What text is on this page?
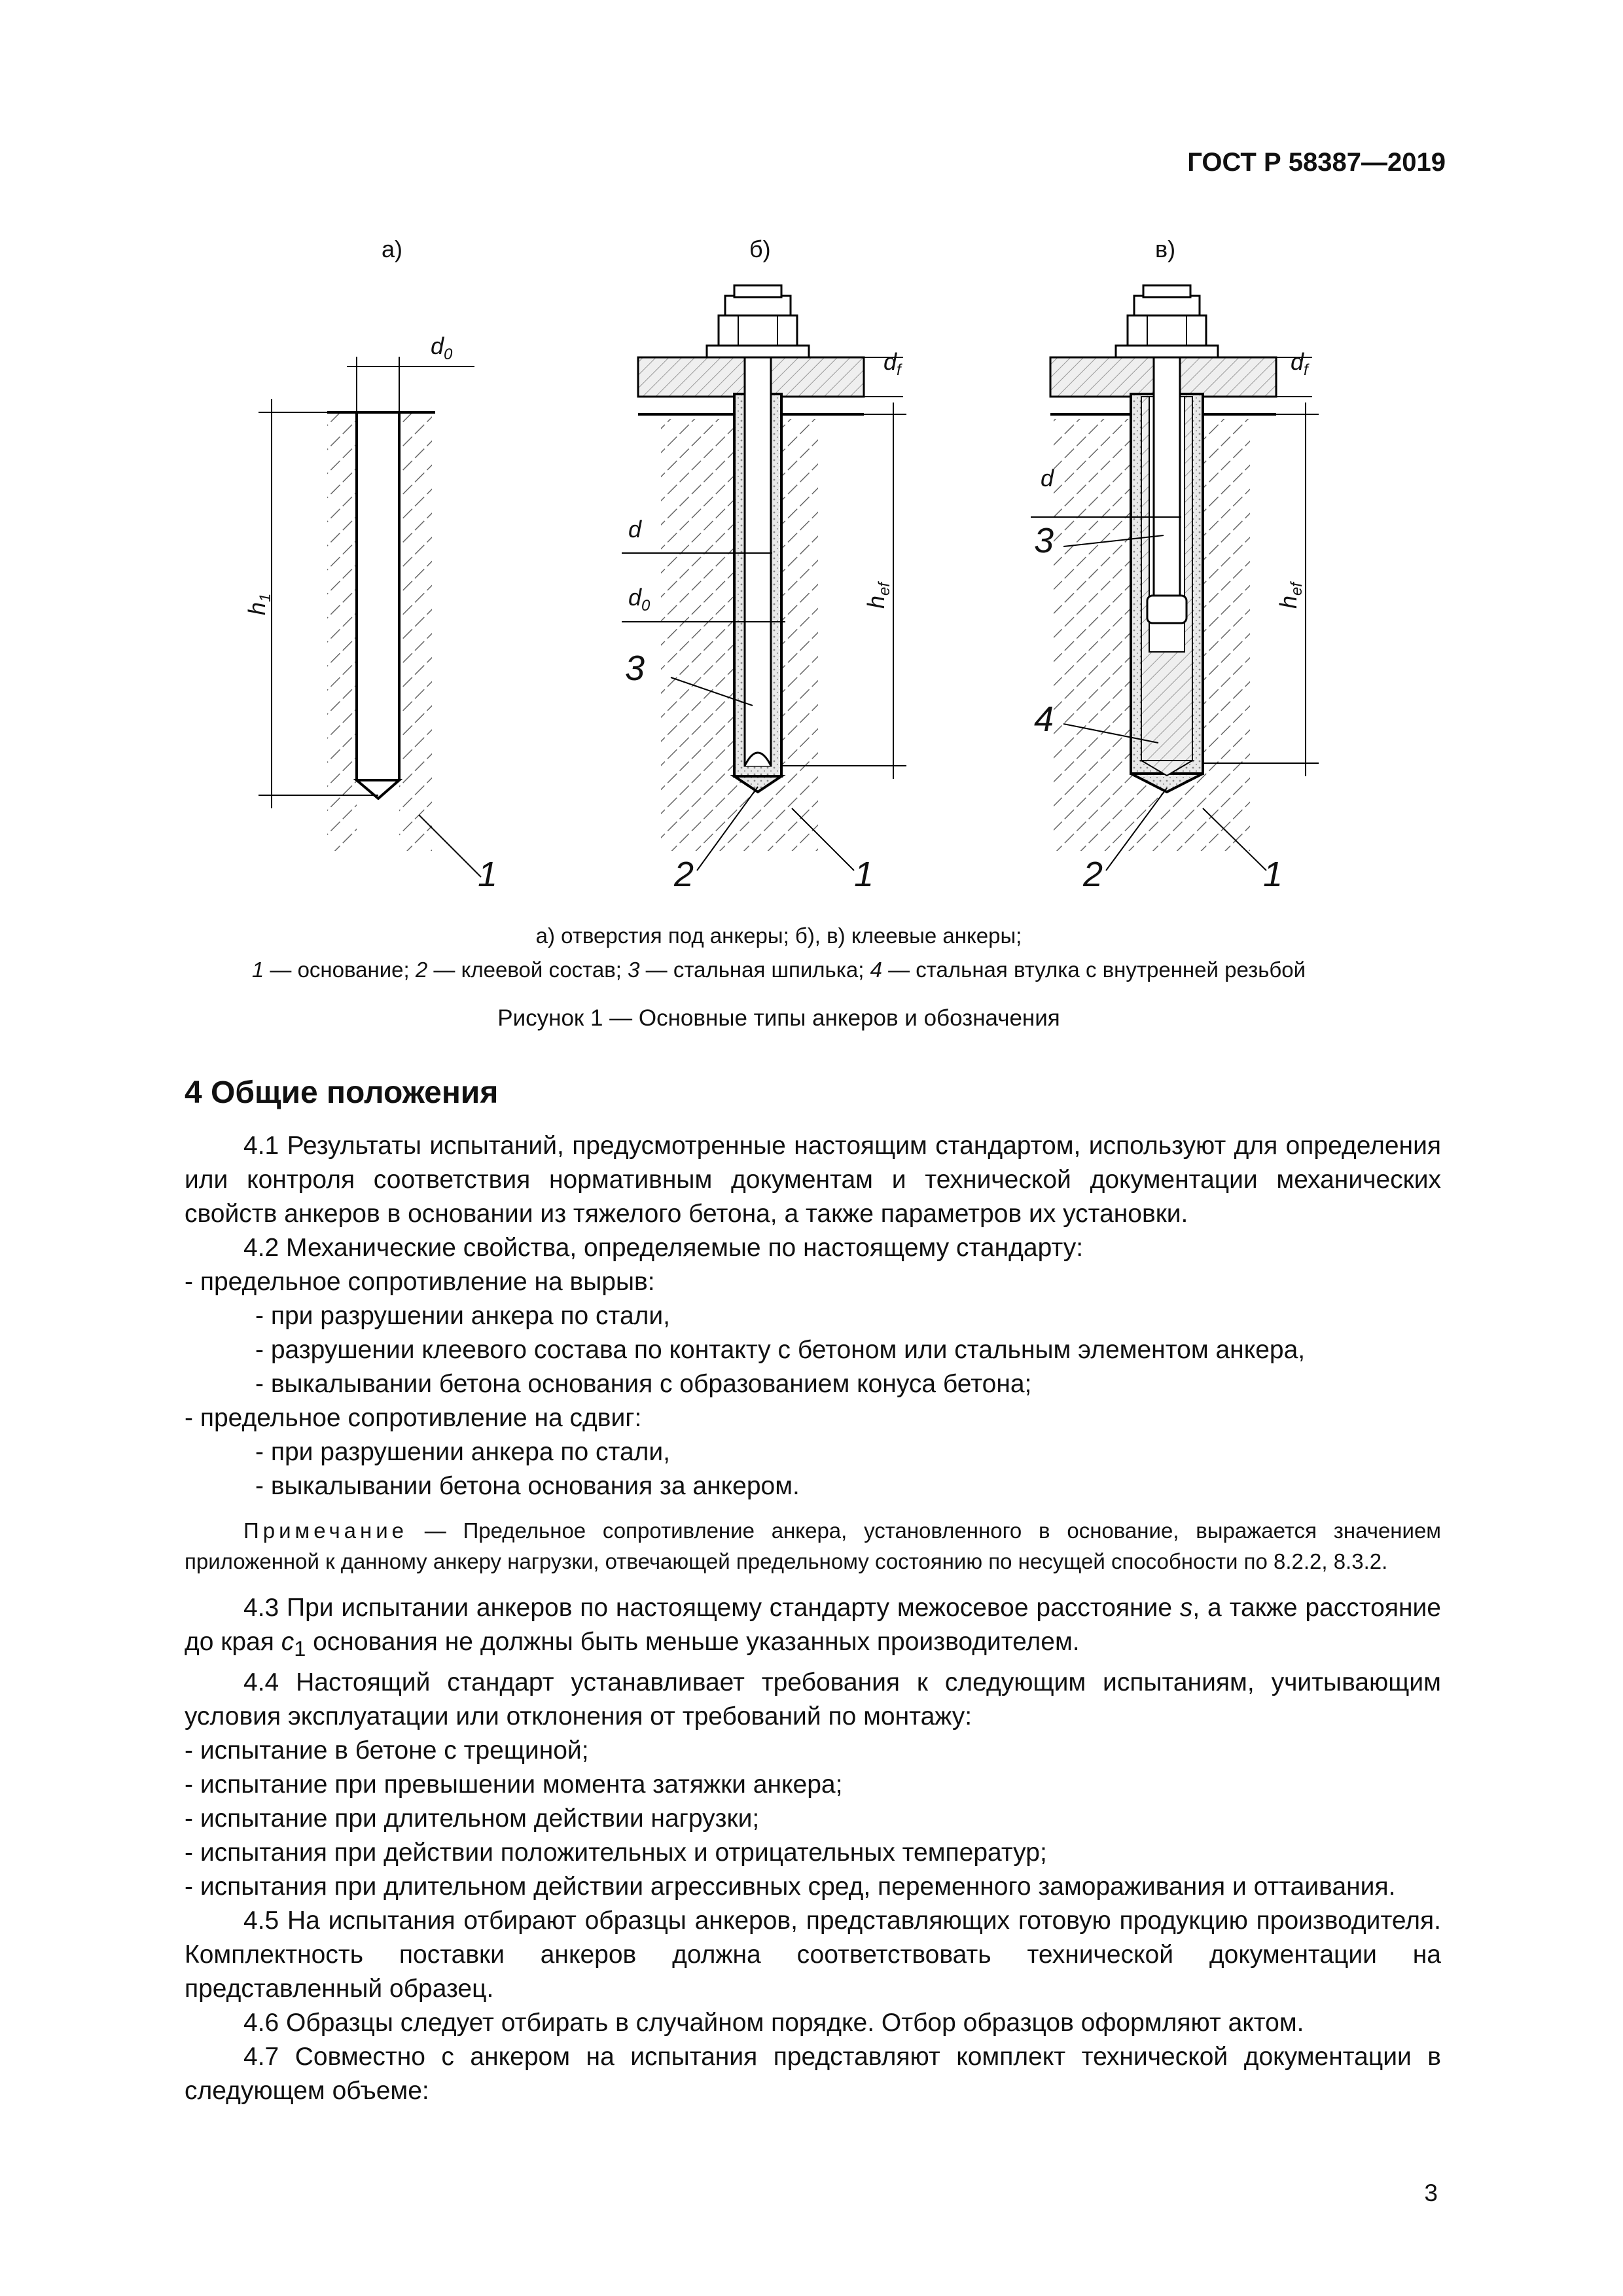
ГОСТ Р 58387—2019
а)	б)	в)
$d_0$
$h_1$
$d_f$
d
$d_0$	$h_{ef}$
$d_f$
d
$h_{ef}$
1
3
2	1
3
4
2	1
а) отверстия под анкеры; б), в) клеевые анкеры;
1 — основание; 2 — клеевой состав; 3 — стальная шпилька; 4 — стальная втулка с внутренней резьбой
Рисунок 1 — Основные типы анкеров и обозначения
4 Общие положения
4.1 Результаты испытаний, предусмотренные настоящим стандартом, используют для определения или контроля соответствия нормативным документам и технической документации механических свойств анкеров в основании из тяжелого бетона, а также параметров их установки.
4.2 Механические свойства, определяемые по настоящему стандарту:
- предельное сопротивление на вырыв:
- при разрушении анкера по стали,
- разрушении клеевого состава по контакту с бетоном или стальным элементом анкера,
- выкалывании бетона основания с образованием конуса бетона;
- предельное сопротивление на сдвиг:
- при разрушении анкера по стали,
- выкалывании бетона основания за анкером.
Примечание — Предельное сопротивление анкера, установленного в основание, выражается значением приложенной к данному анкеру нагрузки, отвечающей предельному состоянию по несущей способности по 8.2.2, 8.3.2.
4.3 При испытании анкеров по настоящему стандарту межосевое расстояние s, а также расстояние до края $c_1$ основания не должны быть меньше указанных производителем.
4.4 Настоящий стандарт устанавливает требования к следующим испытаниям, учитывающим условия эксплуатации или отклонения от требований по монтажу:
- испытание в бетоне с трещиной;
- испытание при превышении момента затяжки анкера;
- испытание при длительном действии нагрузки;
- испытания при действии положительных и отрицательных температур;
- испытания при длительном действии агрессивных сред, переменного замораживания и оттаивания.
4.5 На испытания отбирают образцы анкеров, представляющих готовую продукцию производителя. Комплектность поставки анкеров должна соответствовать технической документации на представленный образец.
4.6 Образцы следует отбирать в случайном порядке. Отбор образцов оформляют актом.
4.7 Совместно с анкером на испытания представляют комплект технической документации в следующем объеме:
3
